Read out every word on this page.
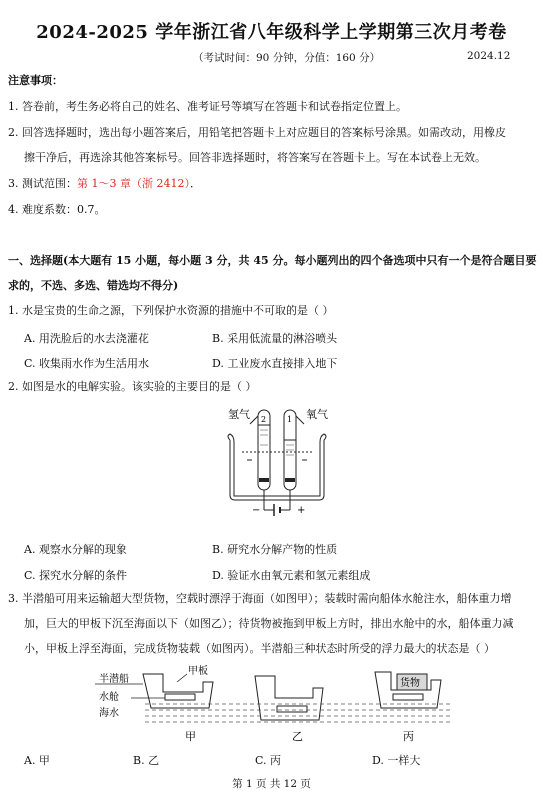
2024-2025 学年浙江省八年级科学上学期第三次月考卷
（考试时间：90 分钟，分值：160 分）	2024.12
注意事项：
1. 答卷前，考生务必将自己的姓名、准考证号等填写在答题卡和试卷指定位置上。
2. 回答选择题时，选出每小题答案后，用铅笔把答题卡上对应题目的答案标号涂黑。如需改动，用橡皮
擦干净后，再选涂其他答案标号。回答非选择题时，将答案写在答题卡上。写在本试卷上无效。
3. 测试范围：第 1～3 章（浙 2412）．
4. 难度系数：0.7。
一、选择题(本大题有 15 小题，每小题 3 分，共 45 分。每小题列出的四个备选项中只有一个是符合题目要
求的，不选、多选、错选均不得分)
1. 水是宝贵的生命之源，下列保护水资源的措施中不可取的是（ ）
A. 用洗脸后的水去浇灌花	B. 采用低流量的淋浴喷头
C. 收集雨水作为生活用水	D. 工业废水直接排入地下
2. 如图是水的电解实验。该实验的主要目的是（ ）
氢气	氧气
2	1
−	+
A. 观察水分解的现象	B. 研究水分解产物的性质
C. 探究水分解的条件	D. 验证水由氧元素和氢元素组成
3. 半潜船可用来运输超大型货物，空载时漂浮于海面（如图甲）；装载时需向船体水舱注水，船体重力增
加，巨大的甲板下沉至海面以下（如图乙）；待货物被拖到甲板上方时，排出水舱中的水，船体重力减
小，甲板上浮至海面，完成货物装载（如图丙）。半潜船三种状态时所受的浮力最大的状态是（ ）
半潜船
甲板
水舱
海水
货物
甲	乙	丙
A. 甲	B. 乙	C. 丙	D. 一样大
第 1 页 共 12 页
